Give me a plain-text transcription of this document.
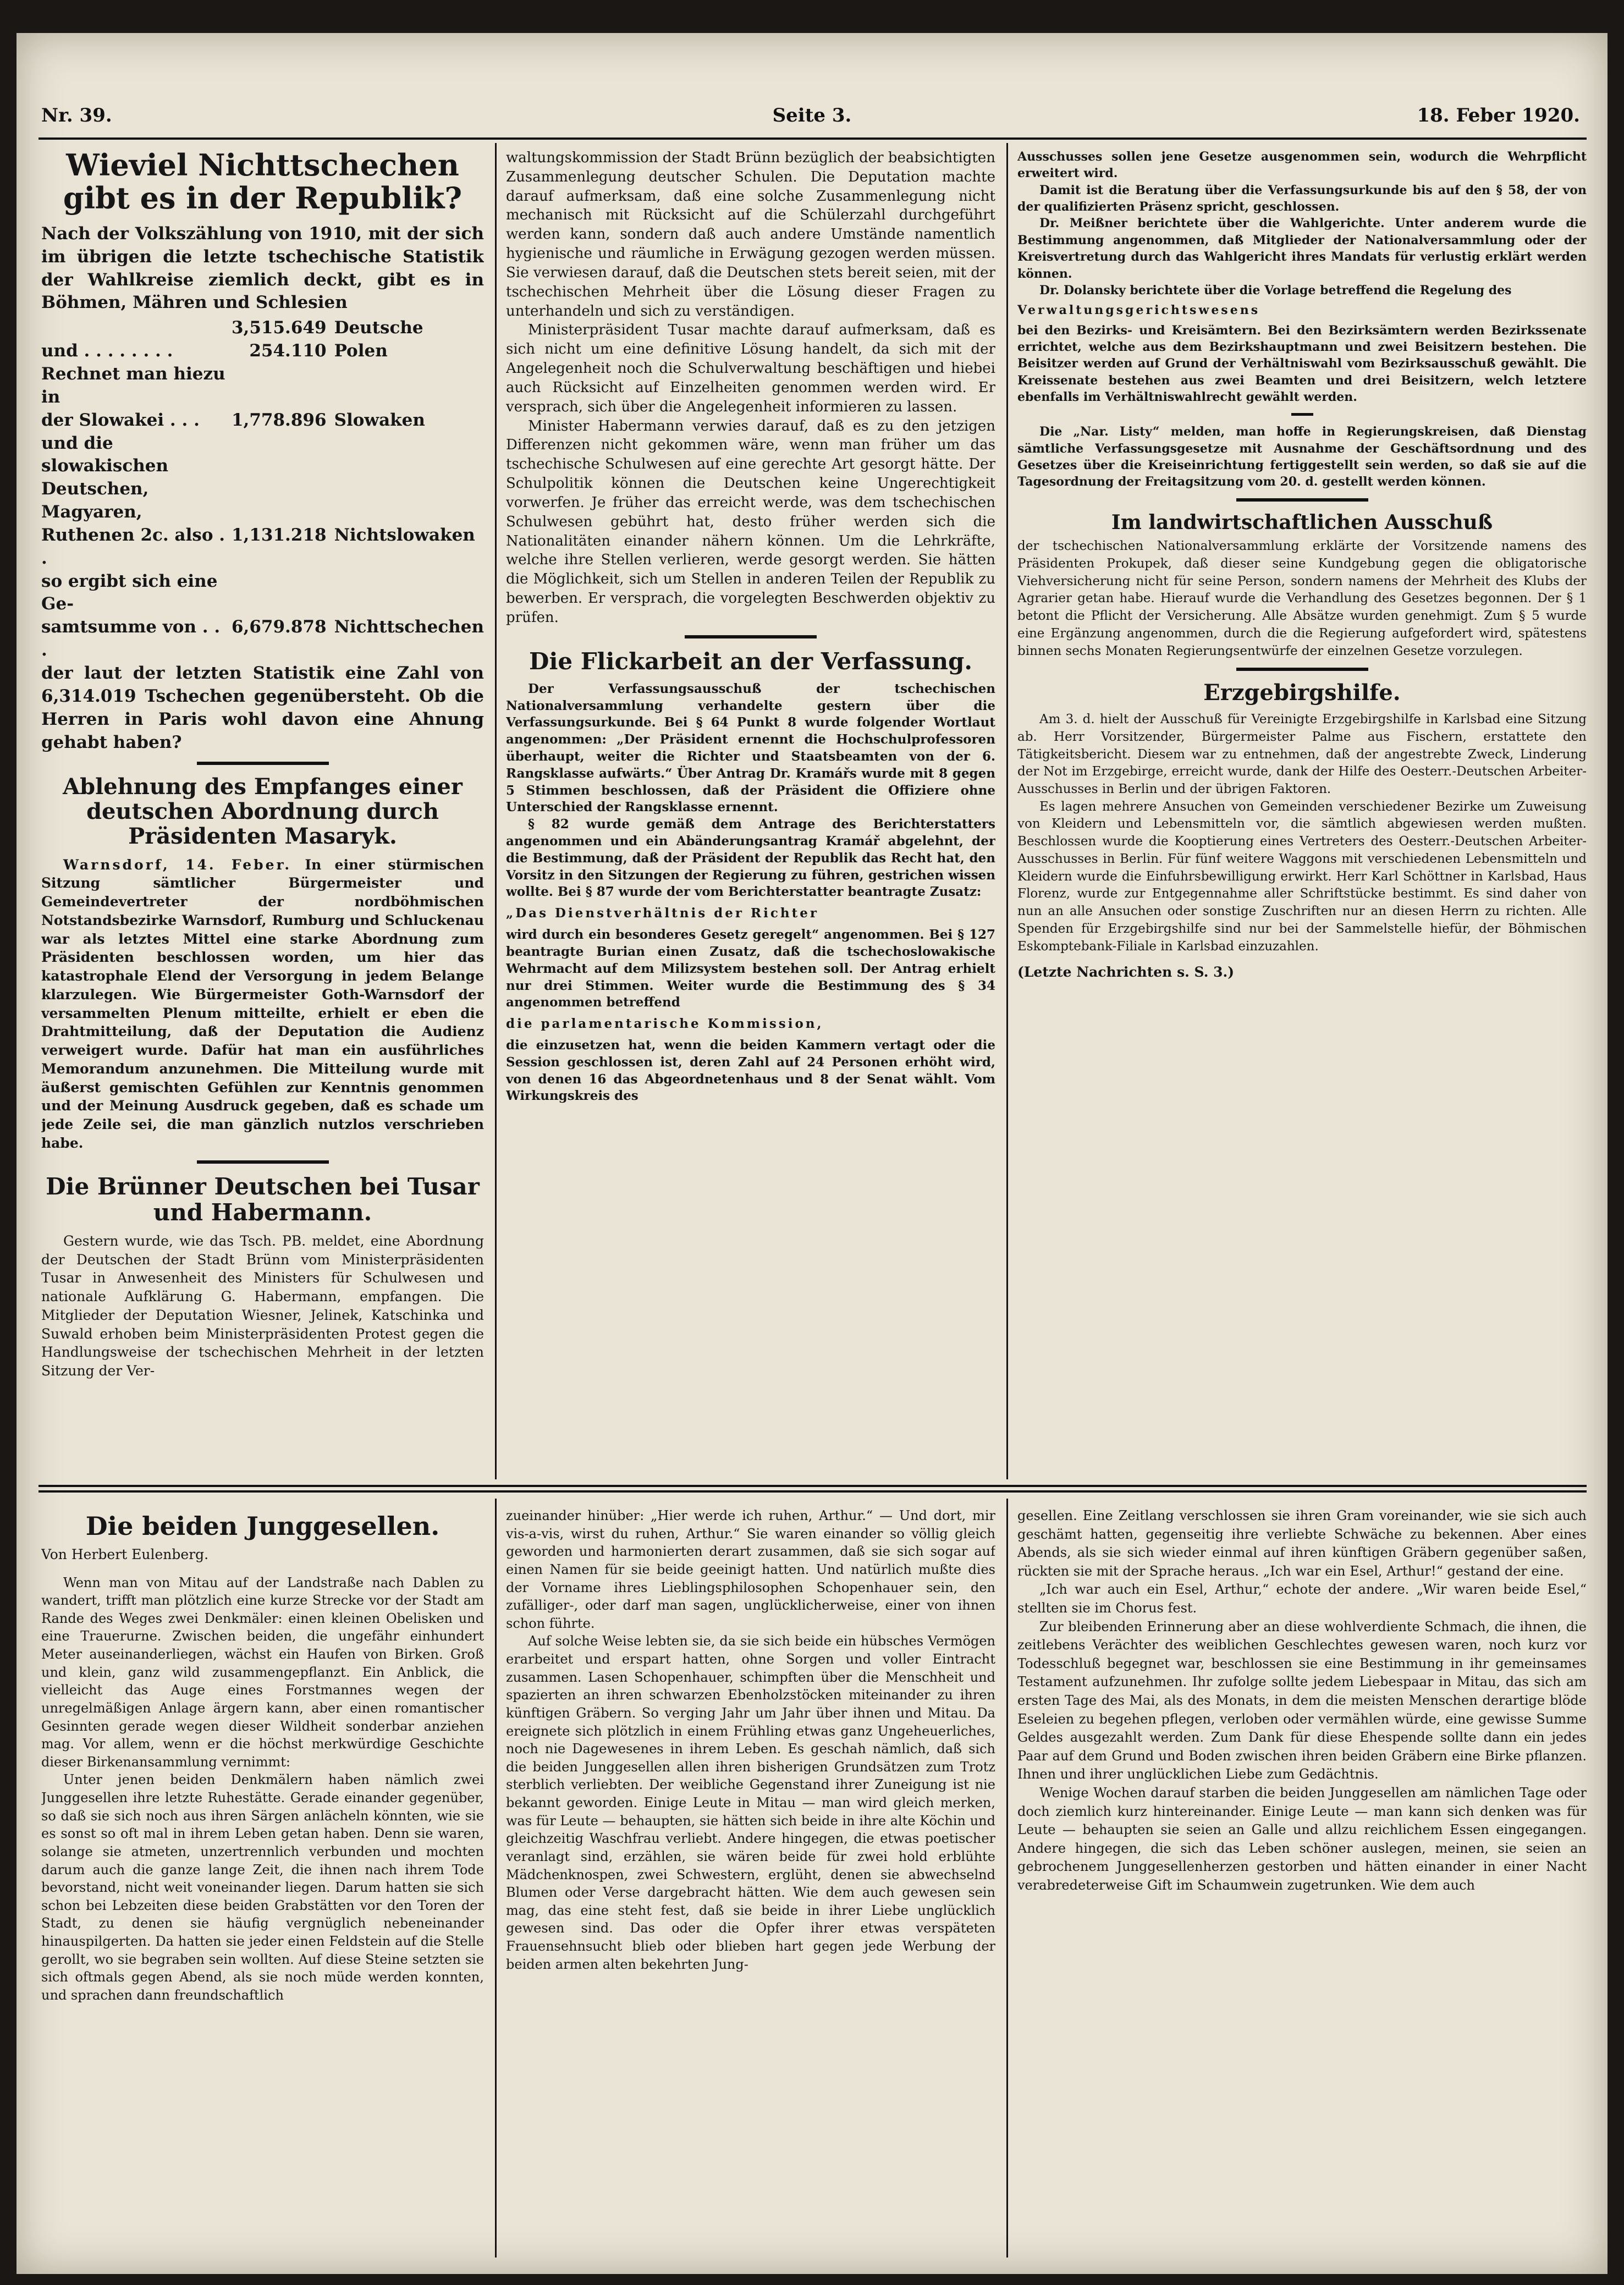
Nr. 39.	Seite 3.	18. Feber 1920.
Wieviel Nichttschechen gibt es in der Republik?

Nach der Volkszählung von 1910, mit der sich im übrigen die letzte tschechische Statistik der Wahlkreise ziemlich deckt, gibt es in Böhmen, Mähren und Schlesien

	3,515.649	Deutsche
und . . . . . . . .	254.110	Polen
Rechnet man hiezu in		
der Slowakei . . .	1,778.896	Slowaken
und die slowakischen		
Deutschen, Magyaren,		
Ruthenen 2c. also . .	1,131.218	Nichtslowaken
so ergibt sich eine Ge-		
samtsumme von . . .	6,679.878	Nichttschechen

der laut der letzten Statistik eine Zahl von 6,314.019 Tschechen gegenübersteht. Ob die Herren in Paris wohl davon eine Ahnung gehabt haben?

Ablehnung des Empfanges einer deutschen Abordnung durch Präsidenten Masaryk.

Warnsdorf, 14. Feber. In einer stürmischen Sitzung sämtlicher Bürgermeister und Gemeindevertreter der nordböhmischen Notstandsbezirke Warnsdorf, Rumburg und Schluckenau war als letztes Mittel eine starke Abordnung zum Präsidenten beschlossen worden, um hier das katastrophale Elend der Versorgung in jedem Belange klarzulegen. Wie Bürgermeister Goth-Warnsdorf der versammelten Plenum mitteilte, erhielt er eben die Drahtmitteilung, daß der Deputation die Audienz verweigert wurde. Dafür hat man ein ausführliches Memorandum anzunehmen. Die Mitteilung wurde mit äußerst gemischten Gefühlen zur Kenntnis genommen und der Meinung Ausdruck gegeben, daß es schade um jede Zeile sei, die man gänzlich nutzlos verschrieben habe.

Die Brünner Deutschen bei Tusar und Habermann.

Gestern wurde, wie das Tsch. PB. meldet, eine Abordnung der Deutschen der Stadt Brünn vom Ministerpräsidenten Tusar in Anwesenheit des Ministers für Schulwesen und nationale Aufklärung G. Habermann, empfangen. Die Mitglieder der Deputation Wiesner, Jelinek, Katschinka und Suwald erhoben beim Ministerpräsidenten Protest gegen die Handlungsweise der tschechischen Mehrheit in der letzten Sitzung der Ver-

waltungskommission der Stadt Brünn bezüglich der beabsichtigten Zusammenlegung deutscher Schulen. Die Deputation machte darauf aufmerksam, daß eine solche Zusammenlegung nicht mechanisch mit Rücksicht auf die Schülerzahl durchgeführt werden kann, sondern daß auch andere Umstände namentlich hygienische und räumliche in Erwägung gezogen werden müssen. Sie verwiesen darauf, daß die Deutschen stets bereit seien, mit der tschechischen Mehrheit über die Lösung dieser Fragen zu unterhandeln und sich zu verständigen.

Ministerpräsident Tusar machte darauf aufmerksam, daß es sich nicht um eine definitive Lösung handelt, da sich mit der Angelegenheit noch die Schulverwaltung beschäftigen und hiebei auch Rücksicht auf Einzelheiten genommen werden wird. Er versprach, sich über die Angelegenheit informieren zu lassen.

Minister Habermann verwies darauf, daß es zu den jetzigen Differenzen nicht gekommen wäre, wenn man früher um das tschechische Schulwesen auf eine gerechte Art gesorgt hätte. Der Schulpolitik können die Deutschen keine Ungerechtigkeit vorwerfen. Je früher das erreicht werde, was dem tschechischen Schulwesen gebührt hat, desto früher werden sich die Nationalitäten einander nähern können. Um die Lehrkräfte, welche ihre Stellen verlieren, werde gesorgt werden. Sie hätten die Möglichkeit, sich um Stellen in anderen Teilen der Republik zu bewerben. Er versprach, die vorgelegten Beschwerden objektiv zu prüfen.

Die Flickarbeit an der Verfassung.

Der Verfassungsausschuß der tschechischen Nationalversammlung verhandelte gestern über die Verfassungsurkunde. Bei § 64 Punkt 8 wurde folgender Wortlaut angenommen: „Der Präsident ernennt die Hochschulprofessoren überhaupt, weiter die Richter und Staatsbeamten von der 6. Rangsklasse aufwärts.“ Über Antrag Dr. Kramářs wurde mit 8 gegen 5 Stimmen beschlossen, daß der Präsident die Offiziere ohne Unterschied der Rangsklasse ernennt.

§ 82 wurde gemäß dem Antrage des Berichterstatters angenommen und ein Abänderungsantrag Kramář abgelehnt, der die Bestimmung, daß der Präsident der Republik das Recht hat, den Vorsitz in den Sitzungen der Regierung zu führen, gestrichen wissen wollte. Bei § 87 wurde der vom Berichterstatter beantragte Zusatz:

„Das Dienstverhältnis der Richter

wird durch ein besonderes Gesetz geregelt“ angenommen. Bei § 127 beantragte Burian einen Zusatz, daß die tschechoslowakische Wehrmacht auf dem Milizsystem bestehen soll. Der Antrag erhielt nur drei Stimmen. Weiter wurde die Bestimmung des § 34 angenommen betreffend

die parlamentarische Kommission,

die einzusetzen hat, wenn die beiden Kammern vertagt oder die Session geschlossen ist, deren Zahl auf 24 Personen erhöht wird, von denen 16 das Abgeordnetenhaus und 8 der Senat wählt. Vom Wirkungskreis des

Ausschusses sollen jene Gesetze ausgenommen sein, wodurch die Wehrpflicht erweitert wird.

Damit ist die Beratung über die Verfassungsurkunde bis auf den § 58, der von der qualifizierten Präsenz spricht, geschlossen.

Dr. Meißner berichtete über die Wahlgerichte. Unter anderem wurde die Bestimmung angenommen, daß Mitglieder der Nationalversammlung oder der Kreisvertretung durch das Wahlgericht ihres Mandats für verlustig erklärt werden können.

Dr. Dolansky berichtete über die Vorlage betreffend die Regelung des

Verwaltungsgerichtswesens

bei den Bezirks- und Kreisämtern. Bei den Bezirksämtern werden Bezirkssenate errichtet, welche aus dem Bezirkshauptmann und zwei Beisitzern bestehen. Die Beisitzer werden auf Grund der Verhältniswahl vom Bezirksausschuß gewählt. Die Kreissenate bestehen aus zwei Beamten und drei Beisitzern, welch letztere ebenfalls im Verhältniswahlrecht gewählt werden.

Die „Nar. Listy“ melden, man hoffe in Regierungskreisen, daß Dienstag sämtliche Verfassungsgesetze mit Ausnahme der Geschäftsordnung und des Gesetzes über die Kreiseinrichtung fertiggestellt sein werden, so daß sie auf die Tagesordnung der Freitagsitzung vom 20. d. gestellt werden können.

Im landwirtschaftlichen Ausschuß

der tschechischen Nationalversammlung erklärte der Vorsitzende namens des Präsidenten Prokupek, daß dieser seine Kundgebung gegen die obligatorische Viehversicherung nicht für seine Person, sondern namens der Mehrheit des Klubs der Agrarier getan habe. Hierauf wurde die Verhandlung des Gesetzes begonnen. Der § 1 betont die Pflicht der Versicherung. Alle Absätze wurden genehmigt. Zum § 5 wurde eine Ergänzung angenommen, durch die die Regierung aufgefordert wird, spätestens binnen sechs Monaten Regierungsentwürfe der einzelnen Gesetze vorzulegen.

Erzgebirgshilfe.

Am 3. d. hielt der Ausschuß für Vereinigte Erzgebirgshilfe in Karlsbad eine Sitzung ab. Herr Vorsitzender, Bürgermeister Palme aus Fischern, erstattete den Tätigkeitsbericht. Diesem war zu entnehmen, daß der angestrebte Zweck, Linderung der Not im Erzgebirge, erreicht wurde, dank der Hilfe des Oesterr.-Deutschen Arbeiter-Ausschusses in Berlin und der übrigen Faktoren.

Es lagen mehrere Ansuchen von Gemeinden verschiedener Bezirke um Zuweisung von Kleidern und Lebensmitteln vor, die sämtlich abgewiesen werden mußten. Beschlossen wurde die Kooptierung eines Vertreters des Oesterr.-Deutschen Arbeiter-Ausschusses in Berlin. Für fünf weitere Waggons mit verschiedenen Lebensmitteln und Kleidern wurde die Einfuhrsbewilligung erwirkt. Herr Karl Schöttner in Karlsbad, Haus Florenz, wurde zur Entgegennahme aller Schriftstücke bestimmt. Es sind daher von nun an alle Ansuchen oder sonstige Zuschriften nur an diesen Herrn zu richten. Alle Spenden für Erzgebirgshilfe sind nur bei der Sammelstelle hiefür, der Böhmischen Eskomptebank-Filiale in Karlsbad einzuzahlen.

(Letzte Nachrichten s. S. 3.)

Die beiden Junggesellen.

Von Herbert Eulenberg.

Wenn man von Mitau auf der Landstraße nach Dablen zu wandert, trifft man plötzlich eine kurze Strecke vor der Stadt am Rande des Weges zwei Denkmäler: einen kleinen Obelisken und eine Trauerurne. Zwischen beiden, die ungefähr einhundert Meter auseinanderliegen, wächst ein Haufen von Birken. Groß und klein, ganz wild zusammengepflanzt. Ein Anblick, die vielleicht das Auge eines Forstmannes wegen der unregelmäßigen Anlage ärgern kann, aber einen romantischer Gesinnten gerade wegen dieser Wildheit sonderbar anziehen mag. Vor allem, wenn er die höchst merkwürdige Geschichte dieser Birkenansammlung vernimmt:

Unter jenen beiden Denkmälern haben nämlich zwei Junggesellen ihre letzte Ruhestätte. Gerade einander gegenüber, so daß sie sich noch aus ihren Särgen anlächeln könnten, wie sie es sonst so oft mal in ihrem Leben getan haben. Denn sie waren, solange sie atmeten, unzertrennlich verbunden und mochten darum auch die ganze lange Zeit, die ihnen nach ihrem Tode bevorstand, nicht weit voneinander liegen. Darum hatten sie sich schon bei Lebzeiten diese beiden Grabstätten vor den Toren der Stadt, zu denen sie häufig vergnüglich nebeneinander hinauspilgerten. Da hatten sie jeder einen Feldstein auf die Stelle gerollt, wo sie begraben sein wollten. Auf diese Steine setzten sie sich oftmals gegen Abend, als sie noch müde werden konnten, und sprachen dann freundschaftlich

zueinander hinüber: „Hier werde ich ruhen, Arthur.“ — Und dort, mir vis-a-vis, wirst du ruhen, Arthur.“ Sie waren einander so völlig gleich geworden und harmonierten derart zusammen, daß sie sich sogar auf einen Namen für sie beide geeinigt hatten. Und natürlich mußte dies der Vorname ihres Lieblingsphilosophen Schopenhauer sein, den zufälliger-, oder darf man sagen, unglücklicherweise, einer von ihnen schon führte.

Auf solche Weise lebten sie, da sie sich beide ein hübsches Vermögen erarbeitet und erspart hatten, ohne Sorgen und voller Eintracht zusammen. Lasen Schopenhauer, schimpften über die Menschheit und spazierten an ihren schwarzen Ebenholzstöcken miteinander zu ihren künftigen Gräbern. So verging Jahr um Jahr über ihnen und Mitau. Da ereignete sich plötzlich in einem Frühling etwas ganz Ungeheuerliches, noch nie Dagewesenes in ihrem Leben. Es geschah nämlich, daß sich die beiden Junggesellen allen ihren bisherigen Grundsätzen zum Trotz sterblich verliebten. Der weibliche Gegenstand ihrer Zuneigung ist nie bekannt geworden. Einige Leute in Mitau — man wird gleich merken, was für Leute — behaupten, sie hätten sich beide in ihre alte Köchin und gleichzeitig Waschfrau verliebt. Andere hingegen, die etwas poetischer veranlagt sind, erzählen, sie wären beide für zwei hold erblühte Mädchenknospen, zwei Schwestern, erglüht, denen sie abwechselnd Blumen oder Verse dargebracht hätten. Wie dem auch gewesen sein mag, das eine steht fest, daß sie beide in ihrer Liebe unglücklich gewesen sind. Das oder die Opfer ihrer etwas verspäteten Frauensehnsucht blieb oder blieben hart gegen jede Werbung der beiden armen alten bekehrten Jung-

gesellen. Eine Zeitlang verschlossen sie ihren Gram voreinander, wie sie sich auch geschämt hatten, gegenseitig ihre verliebte Schwäche zu bekennen. Aber eines Abends, als sie sich wieder einmal auf ihren künftigen Gräbern gegenüber saßen, rückten sie mit der Sprache heraus. „Ich war ein Esel, Arthur!“ gestand der eine.

„Ich war auch ein Esel, Arthur,“ echote der andere. „Wir waren beide Esel,“ stellten sie im Chorus fest.

Zur bleibenden Erinnerung aber an diese wohlverdiente Schmach, die ihnen, die zeitlebens Verächter des weiblichen Geschlechtes gewesen waren, noch kurz vor Todesschluß begegnet war, beschlossen sie eine Bestimmung in ihr gemeinsames Testament aufzunehmen. Ihr zufolge sollte jedem Liebespaar in Mitau, das sich am ersten Tage des Mai, als des Monats, in dem die meisten Menschen derartige blöde Eseleien zu begehen pflegen, verloben oder vermählen würde, eine gewisse Summe Geldes ausgezahlt werden. Zum Dank für diese Ehespende sollte dann ein jedes Paar auf dem Grund und Boden zwischen ihren beiden Gräbern eine Birke pflanzen. Ihnen und ihrer unglücklichen Liebe zum Gedächtnis.

Wenige Wochen darauf starben die beiden Junggesellen am nämlichen Tage oder doch ziemlich kurz hintereinander. Einige Leute — man kann sich denken was für Leute — behaupten sie seien an Galle und allzu reichlichem Essen eingegangen. Andere hingegen, die sich das Leben schöner auslegen, meinen, sie seien an gebrochenem Junggesellenherzen gestorben und hätten einander in einer Nacht verabredeterweise Gift im Schaumwein zugetrunken. Wie dem auch
